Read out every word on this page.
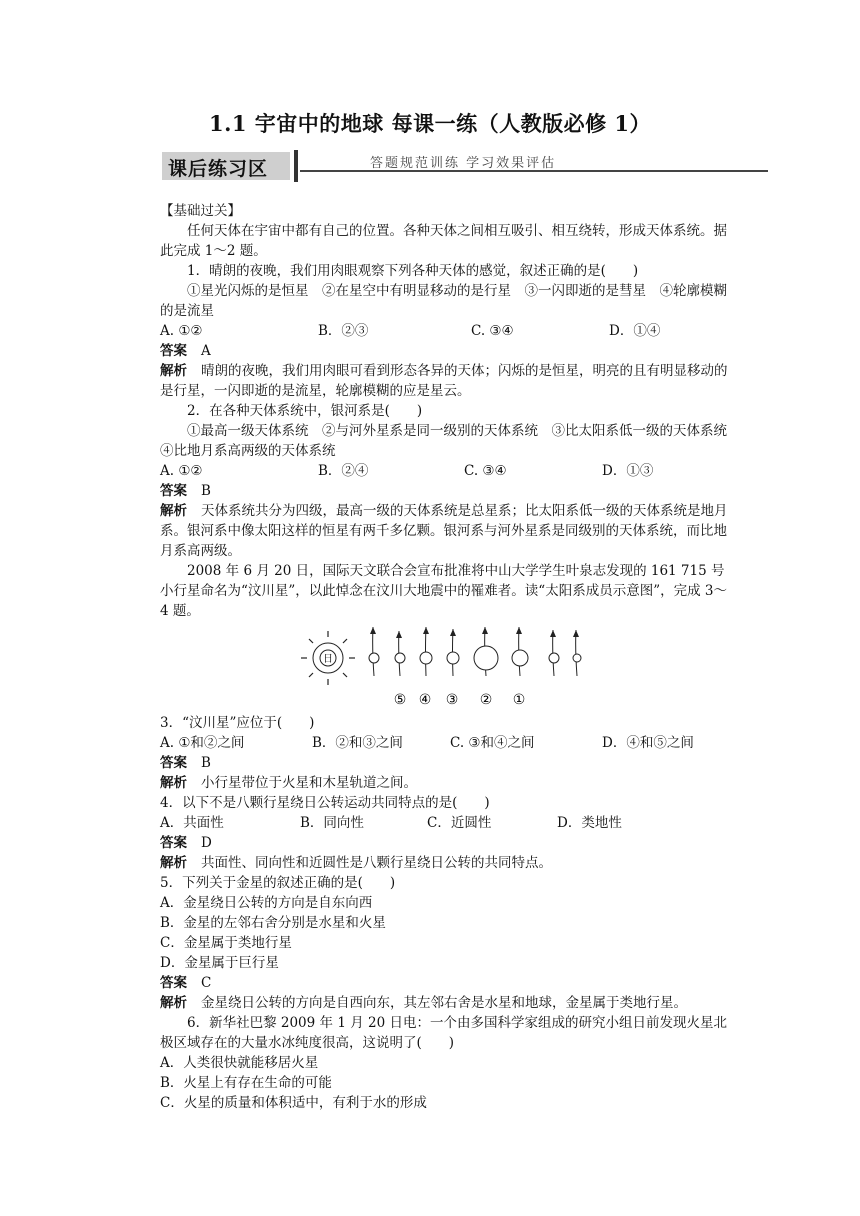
1.1 宇宙中的地球 每课一练（人教版必修 1）
课后练习区	答题规范训练 学习效果评估

【基础过关】

任何天体在宇宙中都有自己的位置。各种天体之间相互吸引、相互绕转，形成天体系统。据此完成 1～2 题。

1．晴朗的夜晚，我们用肉眼观察下列各种天体的感觉，叙述正确的是(　　)

①星光闪烁的是恒星　②在星空中有明显移动的是行星　③一闪即逝的是彗星　④轮廓模糊的是流星

A. ①②	B．②③	C. ③④	D．①④

答案 A

解析 晴朗的夜晚，我们用肉眼可看到形态各异的天体；闪烁的是恒星，明亮的且有明显移动的是行星，一闪即逝的是流星，轮廓模糊的应是星云。

2．在各种天体系统中，银河系是(　　)

①最高一级天体系统　②与河外星系是同一级别的天体系统　③比太阳系低一级的天体系统　④比地月系高两级的天体系统

A. ①②	B．②④	C. ③④	D．①③

答案 B

解析 天体系统共分为四级，最高一级的天体系统是总星系；比太阳系低一级的天体系统是地月系。银河系中像太阳这样的恒星有两千多亿颗。银河系与河外星系是同级别的天体系统，而比地月系高两级。

2008 年 6 月 20 日，国际天文联合会宣布批准将中山大学学生叶泉志发现的 161 715 号小行星命名为“汶川星”，以此悼念在汶川大地震中的罹难者。读“太阳系成员示意图”，完成 3～4 题。

日
⑤ ④ ③ ② ①

3．“汶川星”应位于(　　)

A. ①和②之间	B．②和③之间	C. ③和④之间	D．④和⑤之间

答案 B

解析 小行星带位于火星和木星轨道之间。

4．以下不是八颗行星绕日公转运动共同特点的是(　　)

A．共面性	B．同向性	C．近圆性	D．类地性

答案 D

解析 共面性、同向性和近圆性是八颗行星绕日公转的共同特点。

5．下列关于金星的叙述正确的是(　　)

A．金星绕日公转的方向是自东向西

B．金星的左邻右舍分别是水星和火星

C．金星属于类地行星

D．金星属于巨行星

答案 C

解析 金星绕日公转的方向是自西向东，其左邻右舍是水星和地球，金星属于类地行星。

6．新华社巴黎 2009 年 1 月 20 日电：一个由多国科学家组成的研究小组日前发现火星北极区域存在的大量水冰纯度很高，这说明了(　　)

A．人类很快就能移居火星

B．火星上有存在生命的可能

C．火星的质量和体积适中，有利于水的形成
